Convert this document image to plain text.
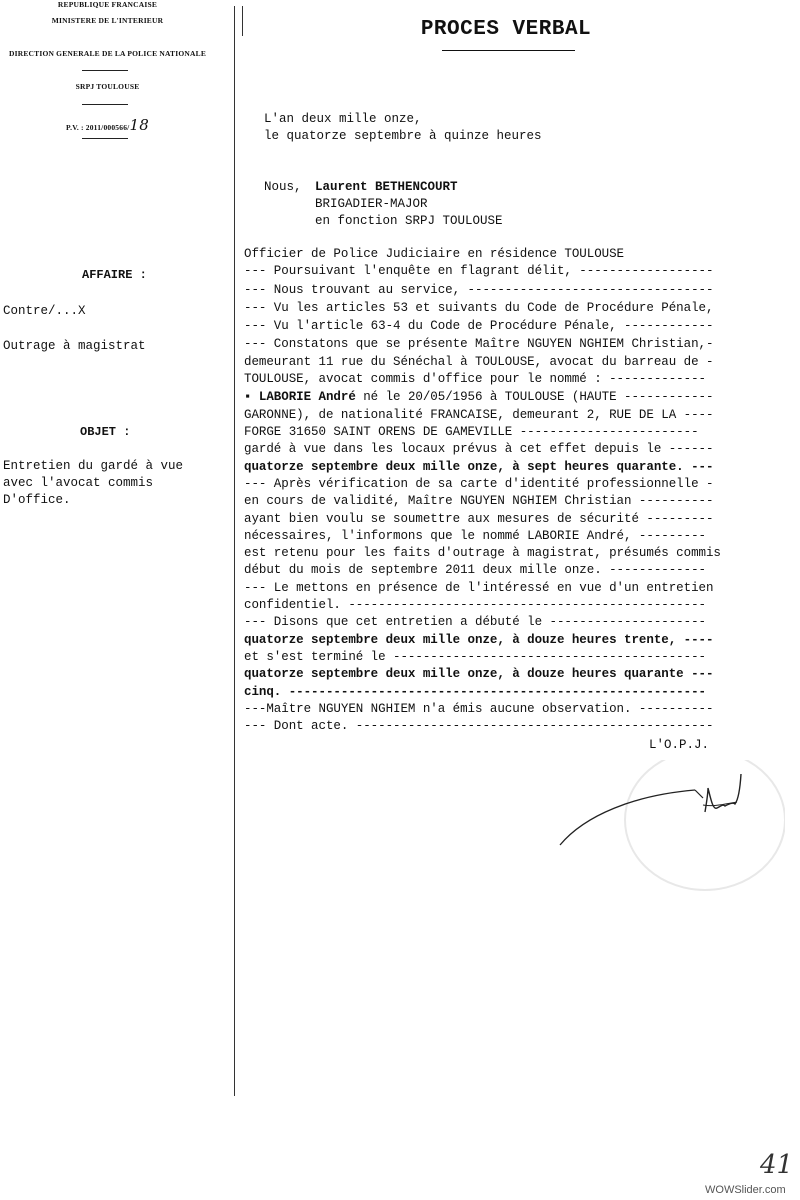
REPUBLIQUE FRANCAISE
MINISTERE DE L'INTERIEUR
DIRECTION GENERALE DE LA POLICE NATIONALE
SRPJ TOULOUSE
P.V. : 2011/000566/18
AFFAIRE :
Contre/...X
Outrage à magistrat
OBJET :
Entretien du gardé à vue
avec l'avocat commis
D'office.
PROCES VERBAL
L'an deux mille onze,
le quatorze septembre à quinze heures
Nous, Laurent BETHENCOURT
BRIGADIER-MAJOR
en fonction SRPJ TOULOUSE
Officier de Police Judiciaire en résidence TOULOUSE
--- Poursuivant l'enquête en flagrant délit, ------------------
--- Nous trouvant au service, ---------------------------------
--- Vu les articles 53 et suivants du Code de Procédure Pénale,
--- Vu l'article 63-4 du Code de Procédure Pénale, ------------
--- Constatons que se présente Maître NGUYEN NGHIEM Christian,-
demeurant 11 rue du Sénéchal à TOULOUSE, avocat du barreau de -
TOULOUSE, avocat commis d'office pour le nommé : -------------
▪ LABORIE André né le 20/05/1956 à TOULOUSE (HAUTE ------------
GARONNE), de nationalité FRANCAISE, demeurant 2, RUE DE LA ----
FORGE 31650 SAINT ORENS DE GAMEVILLE ------------------------
gardé à vue dans les locaux prévus à cet effet depuis le ------
quatorze septembre deux mille onze, à sept heures quarante. ---
--- Après vérification de sa carte d'identité professionnelle -
en cours de validité, Maître NGUYEN NGHIEM Christian ----------
ayant bien voulu se soumettre aux mesures de sécurité ---------
nécessaires, l'informons que le nommé LABORIE André, ---------
est retenu pour les faits d'outrage à magistrat, présumés commis
début du mois de septembre 2011 deux mille onze. -------------
--- Le mettons en présence de l'intéressé en vue d'un entretien
confidentiel. ------------------------------------------------
--- Disons que cet entretien a débuté le ---------------------
quatorze septembre deux mille onze, à douze heures trente, ----
et s'est terminé le ------------------------------------------
quatorze septembre deux mille onze, à douze heures quarante ---
cinq. --------------------------------------------------------
---Maître NGUYEN NGHIEM n'a émis aucune observation. ----------
--- Dont acte. ------------------------------------------------
L'O.P.J.
41
WOWSlider.com
